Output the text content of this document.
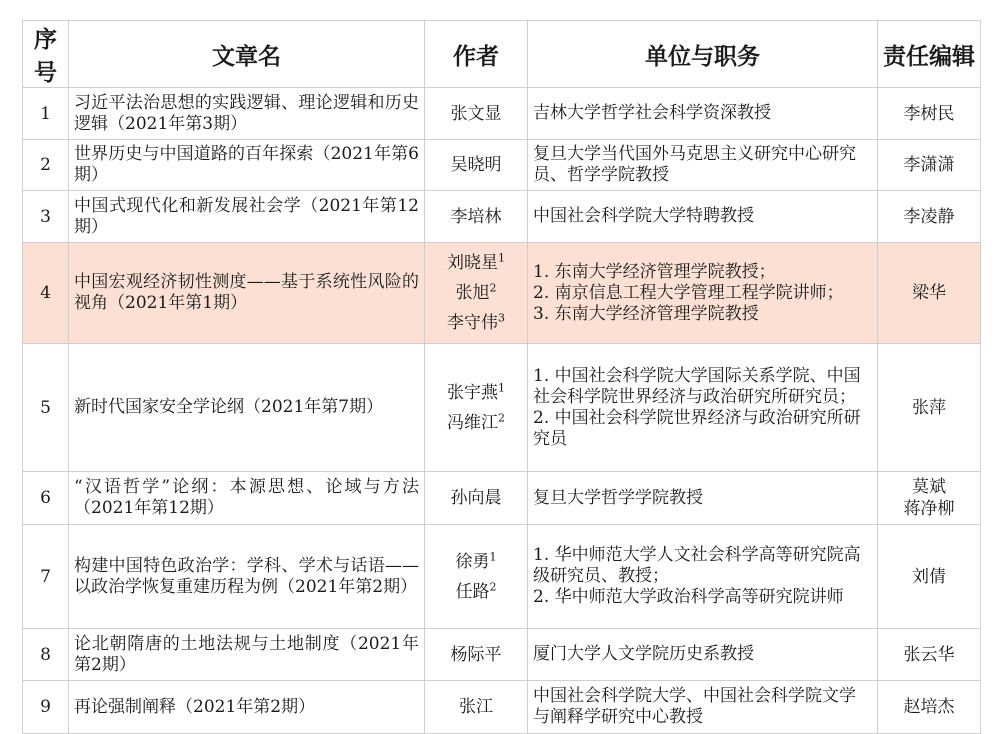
序号	文章名	作者	单位与职务	责任编辑
1	习近平法治思想的实践逻辑、理论逻辑和历史逻辑（2021年第3期）	张文显	吉林大学哲学社会科学资深教授	李树民

2	世界历史与中国道路的百年探索（2021年第6期）	吴晓明	复旦大学当代国外马克思主义研究中心研究员、哲学学院教授	李潇潇

3	中国式现代化和新发展社会学（2021年第12期）	李培林	中国社会科学院大学特聘教授	李凌静

4	中国宏观经济韧性测度——基于系统性风险的视角（2021年第1期）	刘晓星$^1$
张旭$^2$
李守伟$^3$	1. 东南大学经济管理学院教授；
2. 南京信息工程大学管理工程学院讲师；
3. 东南大学经济管理学院教授	梁华

5	新时代国家安全学论纲（2021年第7期）	张宇燕$^1$
冯维江$^2$	1. 中国社会科学院大学国际关系学院、中国社会科学院世界经济与政治研究所研究员；
2. 中国社会科学院世界经济与政治研究所研究员	张萍

6	“汉语哲学”论纲：本源思想、论域与方法（2021年第12期）	孙向晨	复旦大学哲学学院教授	莫斌
蒋净柳

7	构建中国特色政治学：学科、学术与话语——以政治学恢复重建历程为例（2021年第2期）	徐勇$^1$
任路$^2$	1. 华中师范大学人文社会科学高等研究院高级研究员、教授；
2. 华中师范大学政治科学高等研究院讲师	刘倩

8	论北朝隋唐的土地法规与土地制度（2021年第2期）	杨际平	厦门大学人文学院历史系教授	张云华

9	再论强制阐释（2021年第2期）	张江	中国社会科学院大学、中国社会科学院文学与阐释学研究中心教授	赵培杰
